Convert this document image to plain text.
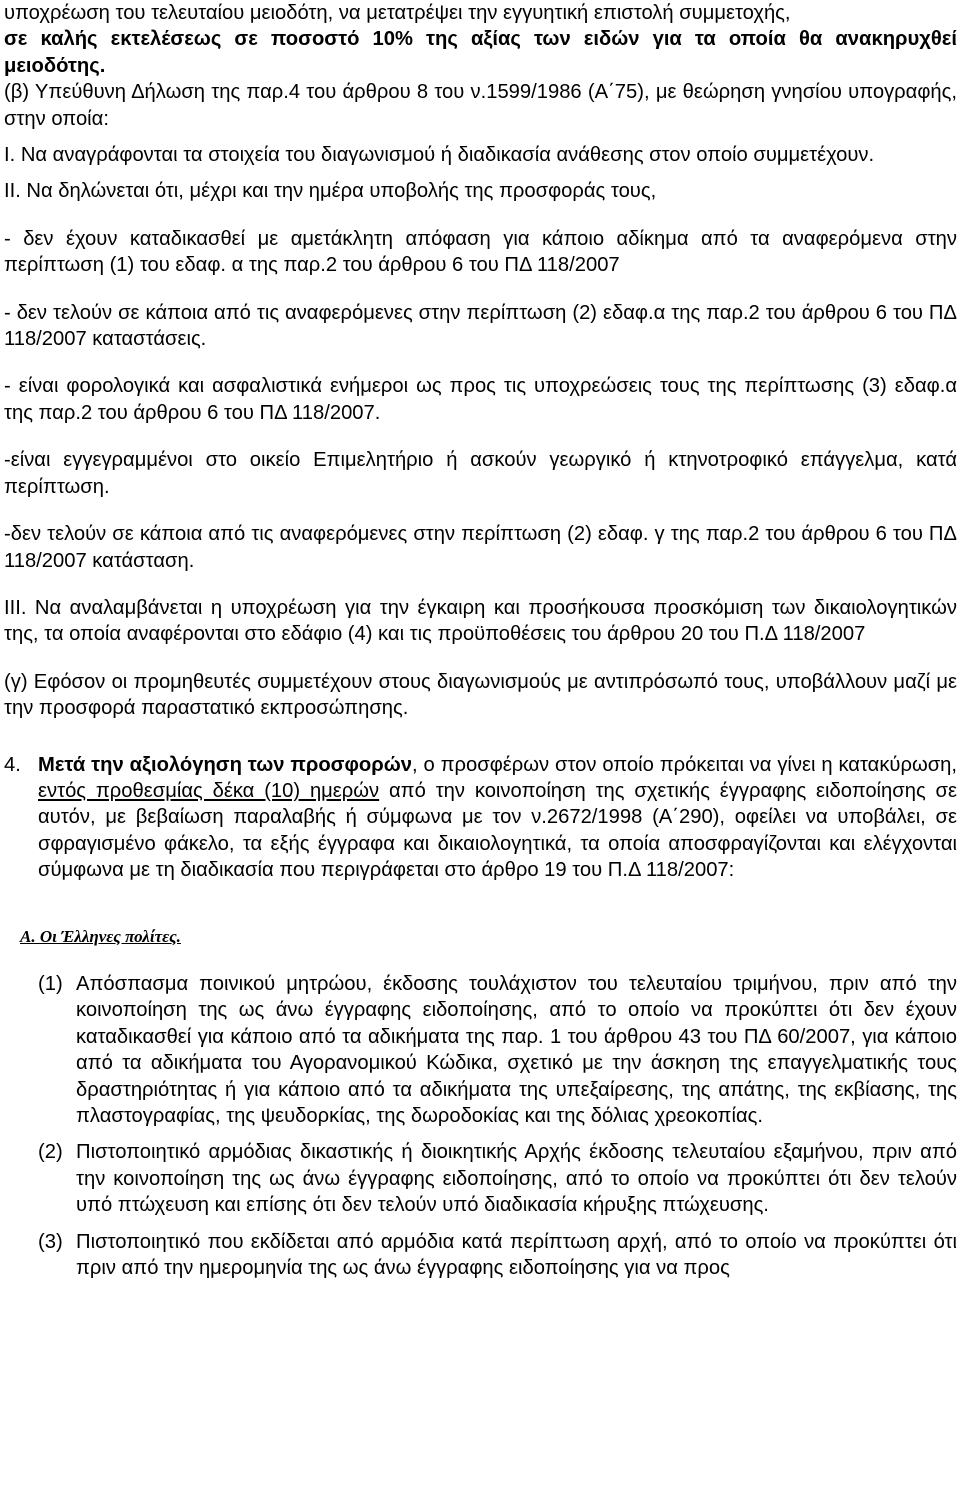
υποχρέωση του τελευταίου μειοδότη, να μετατρέψει την εγγυητική επιστολή συμμετοχής,

σε καλής εκτελέσεως σε ποσοστό 10% της αξίας των ειδών για τα οποία θα ανακηρυχθεί μειοδότης.

(β) Υπεύθυνη Δήλωση της παρ.4 του άρθρου 8 του ν.1599/1986 (Α΄75), με θεώρηση γνησίου υπογραφής, στην οποία:

Ι. Να αναγράφονται τα στοιχεία του διαγωνισμού ή διαδικασία ανάθεσης στον οποίο συμμετέχουν.

ΙΙ. Να δηλώνεται ότι, μέχρι και την ημέρα υποβολής της προσφοράς τους,

- δεν έχουν καταδικασθεί με αμετάκλητη απόφαση για κάποιο αδίκημα από τα αναφερόμενα στην περίπτωση (1) του εδαφ. α της παρ.2 του άρθρου 6 του ΠΔ 118/2007

- δεν τελούν σε κάποια από τις αναφερόμενες στην περίπτωση (2) εδαφ.α της παρ.2 του άρθρου 6 του ΠΔ 118/2007 καταστάσεις.

- είναι φορολογικά και ασφαλιστικά ενήμεροι ως προς τις υποχρεώσεις τους της περίπτωσης (3) εδαφ.α της παρ.2 του άρθρου 6 του ΠΔ 118/2007.

-είναι εγγεγραμμένοι στο οικείο Επιμελητήριο ή ασκούν γεωργικό ή κτηνοτροφικό επάγγελμα, κατά περίπτωση.

-δεν τελούν σε κάποια από τις αναφερόμενες στην περίπτωση (2) εδαφ. γ της παρ.2 του άρθρου 6 του ΠΔ 118/2007 κατάσταση.

ΙΙΙ. Να αναλαμβάνεται η υποχρέωση για την έγκαιρη και προσήκουσα προσκόμιση των δικαιολογητικών της, τα οποία αναφέρονται στο εδάφιο (4) και τις προϋποθέσεις του άρθρου 20 του Π.Δ 118/2007

(γ) Εφόσον οι προμηθευτές συμμετέχουν στους διαγωνισμούς με αντιπρόσωπό τους, υποβάλλουν μαζί με την προσφορά παραστατικό εκπροσώπησης.

4. Μετά την αξιολόγηση των προσφορών, ο προσφέρων στον οποίο πρόκειται να γίνει η κατακύρωση, εντός προθεσμίας δέκα (10) ημερών από την κοινοποίηση της σχετικής έγγραφης ειδοποίησης σε αυτόν, με βεβαίωση παραλαβής ή σύμφωνα με τον ν.2672/1998 (Α΄290), οφείλει να υποβάλει, σε σφραγισμένο φάκελο, τα εξής έγγραφα και δικαιολογητικά, τα οποία αποσφραγίζονται και ελέγχονται σύμφωνα με τη διαδικασία που περιγράφεται στο άρθρο 19 του Π.Δ 118/2007:

Α. Οι Έλληνες πολίτες.

(1) Απόσπασμα ποινικού μητρώου, έκδοσης τουλάχιστον του τελευταίου τριμήνου, πριν από την κοινοποίηση της ως άνω έγγραφης ειδοποίησης, από το οποίο να προκύπτει ότι δεν έχουν καταδικασθεί για κάποιο από τα αδικήματα της παρ. 1 του άρθρου 43 του ΠΔ 60/2007, για κάποιο από τα αδικήματα του Αγορανομικού Κώδικα, σχετικό με την άσκηση της επαγγελματικής τους δραστηριότητας ή για κάποιο από τα αδικήματα της υπεξαίρεσης, της απάτης, της εκβίασης, της πλαστογραφίας, της ψευδορκίας, της δωροδοκίας και της δόλιας χρεοκοπίας.

(2) Πιστοποιητικό αρμόδιας δικαστικής ή διοικητικής Αρχής έκδοσης τελευταίου εξαμήνου, πριν από την κοινοποίηση της ως άνω έγγραφης ειδοποίησης, από το οποίο να προκύπτει ότι δεν τελούν υπό πτώχευση και επίσης ότι δεν τελούν υπό διαδικασία κήρυξης πτώχευσης.

(3) Πιστοποιητικό που εκδίδεται από αρμόδια κατά περίπτωση αρχή, από το οποίο να προκύπτει ότι πριν από την ημερομηνία της ως άνω έγγραφης ειδοποίησης για να προς
